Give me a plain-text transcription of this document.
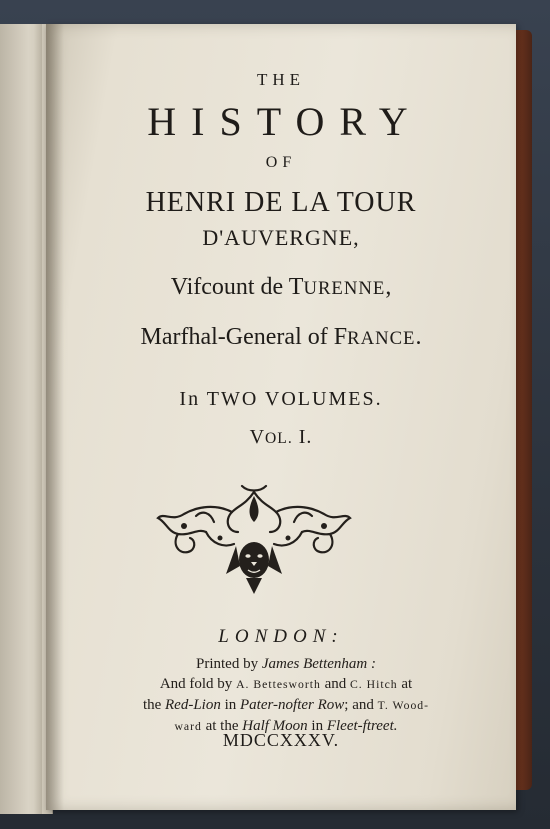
THE
HISTORY
OF
HENRI DE LA TOUR
D'AUVERGNE,
Vifcount de TURENNE,
Marfhal-General of FRANCE.
In TWO VOLUMES.
VOL. I.
LONDON:
Printed by James Bettenham :
And fold by A. Bettesworth and C. Hitch at
the Red-Lion in Pater-nofter Row; and T. Wood-
ward at the Half Moon in Fleet-ftreet.
MDCCXXXV.
